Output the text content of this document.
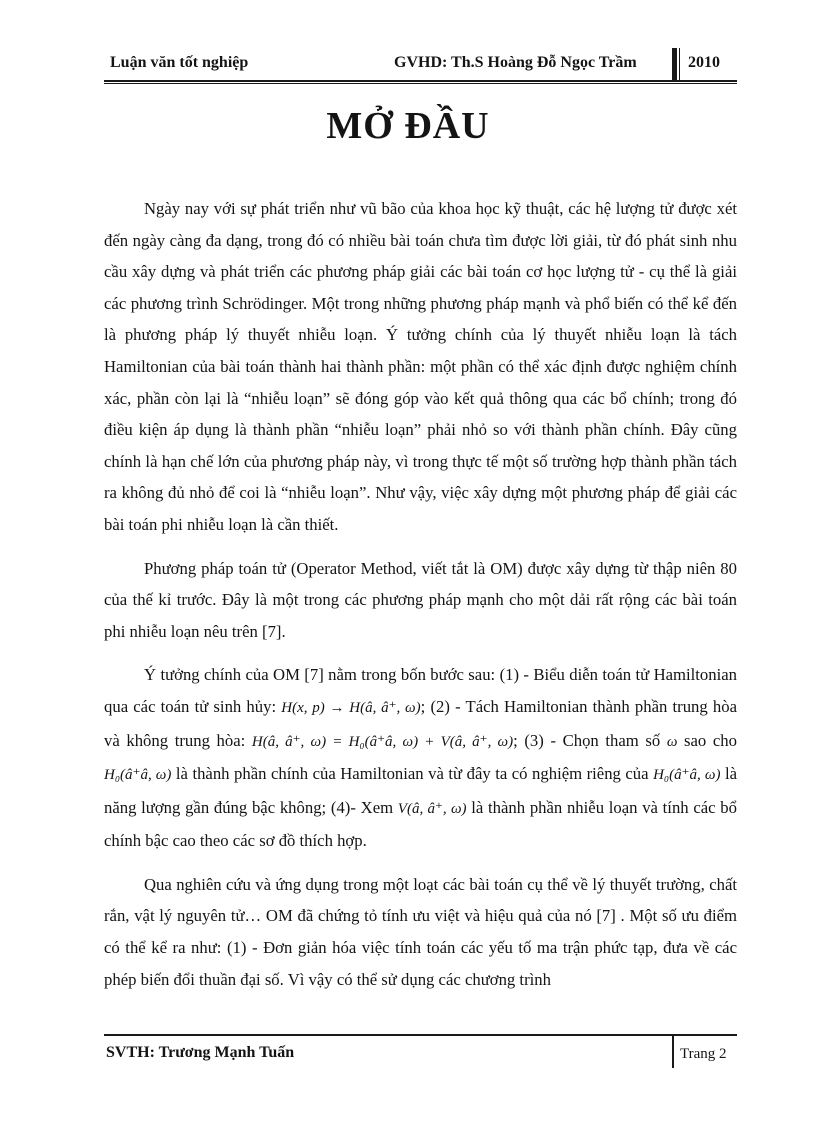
Luận văn tốt nghiệp	GVHD: Th.S Hoàng Đỗ Ngọc Trầm	2010
MỞ ĐẦU

Ngày nay với sự phát triển như vũ bão của khoa học kỹ thuật, các hệ lượng tử được xét đến ngày càng đa dạng, trong đó có nhiều bài toán chưa tìm được lời giải, từ đó phát sinh nhu cầu xây dựng và phát triển các phương pháp giải các bài toán cơ học lượng tử - cụ thể là giải các phương trình Schrödinger. Một trong những phương pháp mạnh và phổ biến có thể kể đến là phương pháp lý thuyết nhiễu loạn. Ý tưởng chính của lý thuyết nhiễu loạn là tách Hamiltonian của bài toán thành hai thành phần: một phần có thể xác định được nghiệm chính xác, phần còn lại là “nhiễu loạn” sẽ đóng góp vào kết quả thông qua các bổ chính; trong đó điều kiện áp dụng là thành phần “nhiễu loạn” phải nhỏ so với thành phần chính. Đây cũng chính là hạn chế lớn của phương pháp này, vì trong thực tế một số trường hợp thành phần tách ra không đủ nhỏ để coi là “nhiễu loạn”. Như vậy, việc xây dựng một phương pháp để giải các bài toán phi nhiễu loạn là cần thiết.

Phương pháp toán tử (Operator Method, viết tắt là OM) được xây dựng từ thập niên 80 của thế kỉ trước. Đây là một trong các phương pháp mạnh cho một dải rất rộng các bài toán phi nhiễu loạn nêu trên [7].

Ý tưởng chính của OM [7] nằm trong bốn bước sau: (1) - Biểu diễn toán tử Hamiltonian qua các toán tử sinh hủy: H(x, p) → H(â, â⁺, ω); (2) - Tách Hamiltonian thành phần trung hòa và không trung hòa: H(â, â⁺, ω) = H₀(â⁺â, ω) + V(â, â⁺, ω); (3) - Chọn tham số ω sao cho H₀(â⁺â, ω) là thành phần chính của Hamiltonian và từ đây ta có nghiệm riêng của H₀(â⁺â, ω) là năng lượng gần đúng bậc không; (4)- Xem V(â, â⁺, ω) là thành phần nhiễu loạn và tính các bổ chính bậc cao theo các sơ đồ thích hợp.

Qua nghiên cứu và ứng dụng trong một loạt các bài toán cụ thể về lý thuyết trường, chất rắn, vật lý nguyên tử… OM đã chứng tỏ tính ưu việt và hiệu quả của nó [7] . Một số ưu điểm có thể kể ra như: (1) - Đơn giản hóa việc tính toán các yếu tố ma trận phức tạp, đưa về các phép biến đổi thuần đại số. Vì vậy có thể sử dụng các chương trình

SVTH: Trương Mạnh Tuấn	Trang 2
